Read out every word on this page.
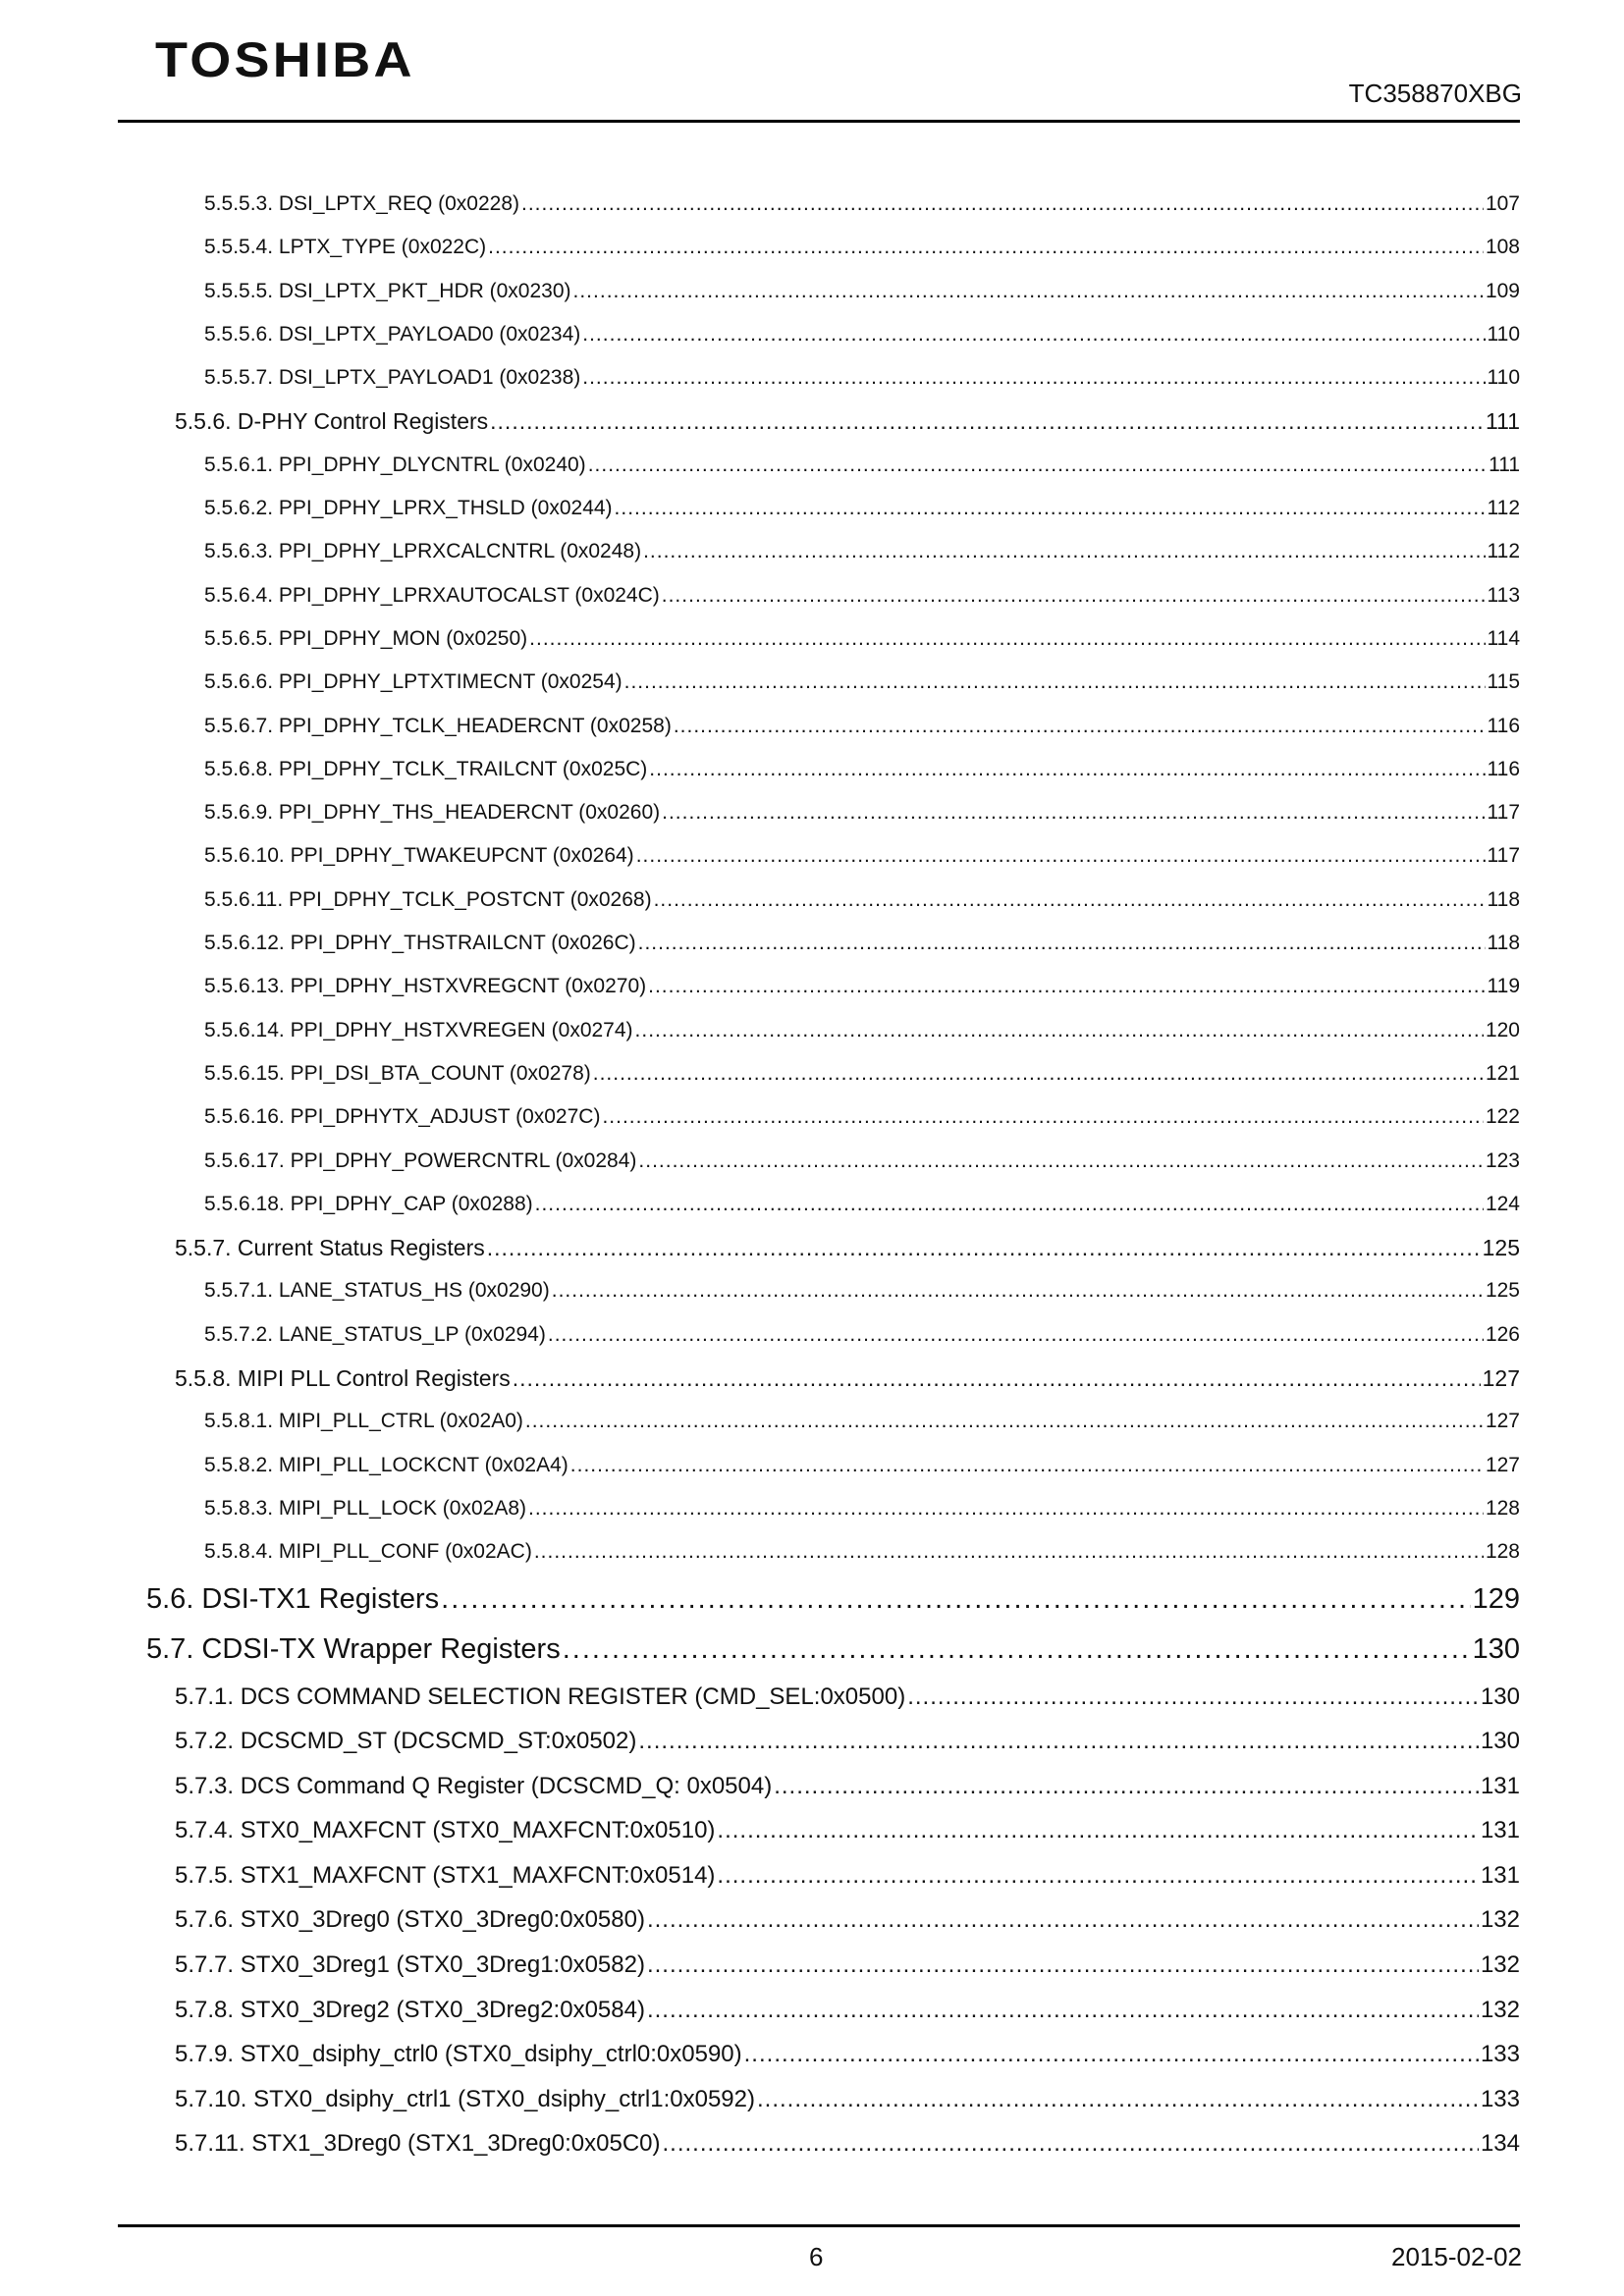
TOSHIBA
TC358870XBG
5.5.5.3. DSI_LPTX_REQ (0x0228) .....	107
5.5.5.4. LPTX_TYPE (0x022C) .....	108
5.5.5.5. DSI_LPTX_PKT_HDR (0x0230) .....	109
5.5.5.6. DSI_LPTX_PAYLOAD0 (0x0234) .....	110
5.5.5.7. DSI_LPTX_PAYLOAD1 (0x0238) .....	110
5.5.6. D-PHY Control Registers .....	111
5.5.6.1. PPI_DPHY_DLYCNTRL (0x0240) .....	111
5.5.6.2. PPI_DPHY_LPRX_THSLD (0x0244) .....	112
5.5.6.3. PPI_DPHY_LPRXCALCNTRL (0x0248) .....	112
5.5.6.4. PPI_DPHY_LPRXAUTOCALST (0x024C) .....	113
5.5.6.5. PPI_DPHY_MON (0x0250) .....	114
5.5.6.6. PPI_DPHY_LPTXTIMECNT (0x0254) .....	115
5.5.6.7. PPI_DPHY_TCLK_HEADERCNT (0x0258) .....	116
5.5.6.8. PPI_DPHY_TCLK_TRAILCNT (0x025C) .....	116
5.5.6.9. PPI_DPHY_THS_HEADERCNT (0x0260) .....	117
5.5.6.10. PPI_DPHY_TWAKEUPCNT (0x0264) .....	117
5.5.6.11. PPI_DPHY_TCLK_POSTCNT (0x0268) .....	118
5.5.6.12. PPI_DPHY_THSTRAILCNT (0x026C) .....	118
5.5.6.13. PPI_DPHY_HSTXVREGCNT (0x0270) .....	119
5.5.6.14. PPI_DPHY_HSTXVREGEN (0x0274) .....	120
5.5.6.15. PPI_DSI_BTA_COUNT (0x0278) .....	121
5.5.6.16. PPI_DPHYTX_ADJUST (0x027C) .....	122
5.5.6.17. PPI_DPHY_POWERCNTRL (0x0284) .....	123
5.5.6.18. PPI_DPHY_CAP (0x0288) .....	124
5.5.7. Current Status Registers .....	125
5.5.7.1. LANE_STATUS_HS (0x0290) .....	125
5.5.7.2. LANE_STATUS_LP (0x0294) .....	126
5.5.8. MIPI PLL Control Registers .....	127
5.5.8.1. MIPI_PLL_CTRL (0x02A0) .....	127
5.5.8.2. MIPI_PLL_LOCKCNT (0x02A4) .....	127
5.5.8.3. MIPI_PLL_LOCK (0x02A8) .....	128
5.5.8.4. MIPI_PLL_CONF (0x02AC) .....	128
5.6. DSI-TX1 Registers .....	129
5.7. CDSI-TX Wrapper Registers .....	130
5.7.1. DCS COMMAND SELECTION REGISTER (CMD_SEL:0x0500) .....	130
5.7.2. DCSCMD_ST (DCSCMD_ST:0x0502) .....	130
5.7.3. DCS Command Q Register (DCSCMD_Q: 0x0504) .....	131
5.7.4. STX0_MAXFCNT (STX0_MAXFCNT:0x0510) .....	131
5.7.5. STX1_MAXFCNT (STX1_MAXFCNT:0x0514) .....	131
5.7.6. STX0_3Dreg0 (STX0_3Dreg0:0x0580) .....	132
5.7.7. STX0_3Dreg1 (STX0_3Dreg1:0x0582) .....	132
5.7.8. STX0_3Dreg2 (STX0_3Dreg2:0x0584) .....	132
5.7.9. STX0_dsiphy_ctrl0 (STX0_dsiphy_ctrl0:0x0590) .....	133
5.7.10. STX0_dsiphy_ctrl1 (STX0_dsiphy_ctrl1:0x0592) .....	133
5.7.11. STX1_3Dreg0 (STX1_3Dreg0:0x05C0) .....	134
6	2015-02-02
